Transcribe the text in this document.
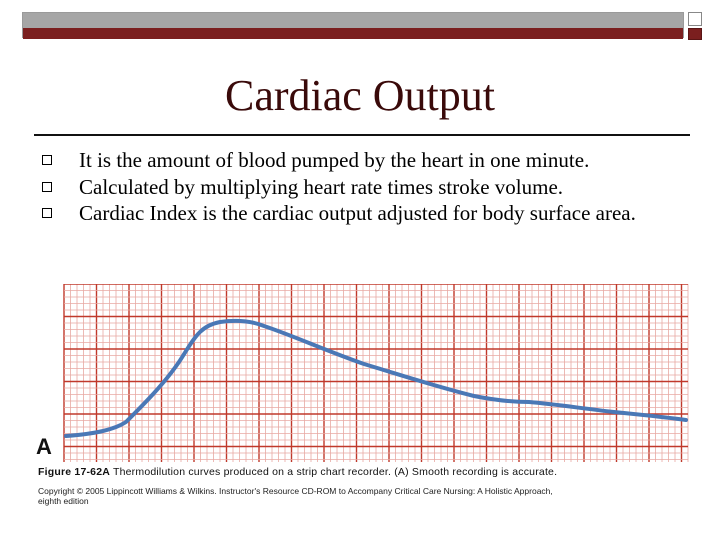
Cardiac Output
It is the amount of blood pumped by the heart in one minute.
Calculated by multiplying heart rate times stroke volume.
Cardiac Index is the cardiac output adjusted for body surface area.
A
Figure 17-62A Thermodilution curves produced on a strip chart recorder. (A) Smooth recording is accurate.
Copyright © 2005 Lippincott Williams & Wilkins. Instructor's Resource CD-ROM to Accompany Critical Care Nursing: A Holistic Approach,
eighth edition
